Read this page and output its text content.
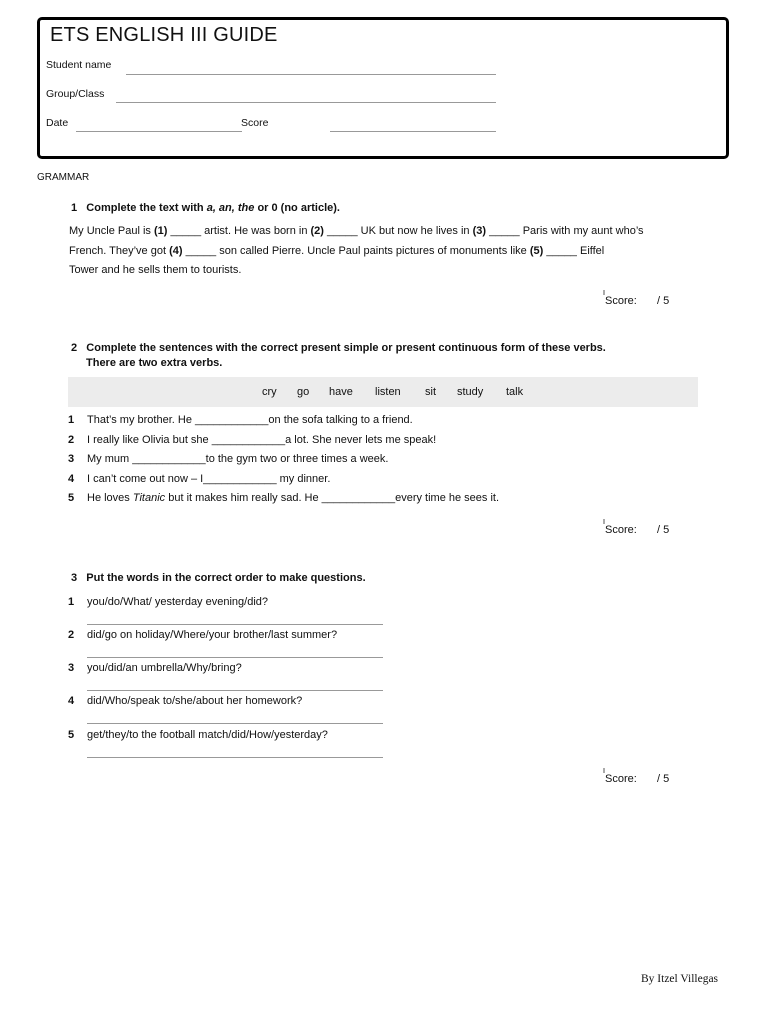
ETS ENGLISH III GUIDE
Student name
Group/Class
Date	Score
GRAMMAR
1 Complete the text with a, an, the or 0 (no article).
My Uncle Paul is (1) _____ artist. He was born in (2) _____ UK but now he lives in (3) _____ Paris with my aunt who’s
French. They’ve got (4) _____ son called Pierre. Uncle Paul paints pictures of monuments like (5) _____ Eiffel
Tower and he sells them to tourists.
Score: / 5
2 Complete the sentences with the correct present simple or present continuous form of these verbs.
There are two extra verbs.
cry go have listen sit study talk
1 That’s my brother. He ____________on the sofa talking to a friend.
2 I really like Olivia but she ____________a lot. She never lets me speak!
3 My mum ____________to the gym two or three times a week.
4 I can’t come out now – I____________ my dinner.
5 He loves Titanic but it makes him really sad. He ____________every time he sees it.
Score: / 5
3 Put the words in the correct order to make questions.
1 you/do/What/ yesterday evening/did?
2 did/go on holiday/Where/your brother/last summer?
3 you/did/an umbrella/Why/bring?
4 did/Who/speak to/she/about her homework?
5 get/they/to the football match/did/How/yesterday?
Score: / 5
By Itzel Villegas
